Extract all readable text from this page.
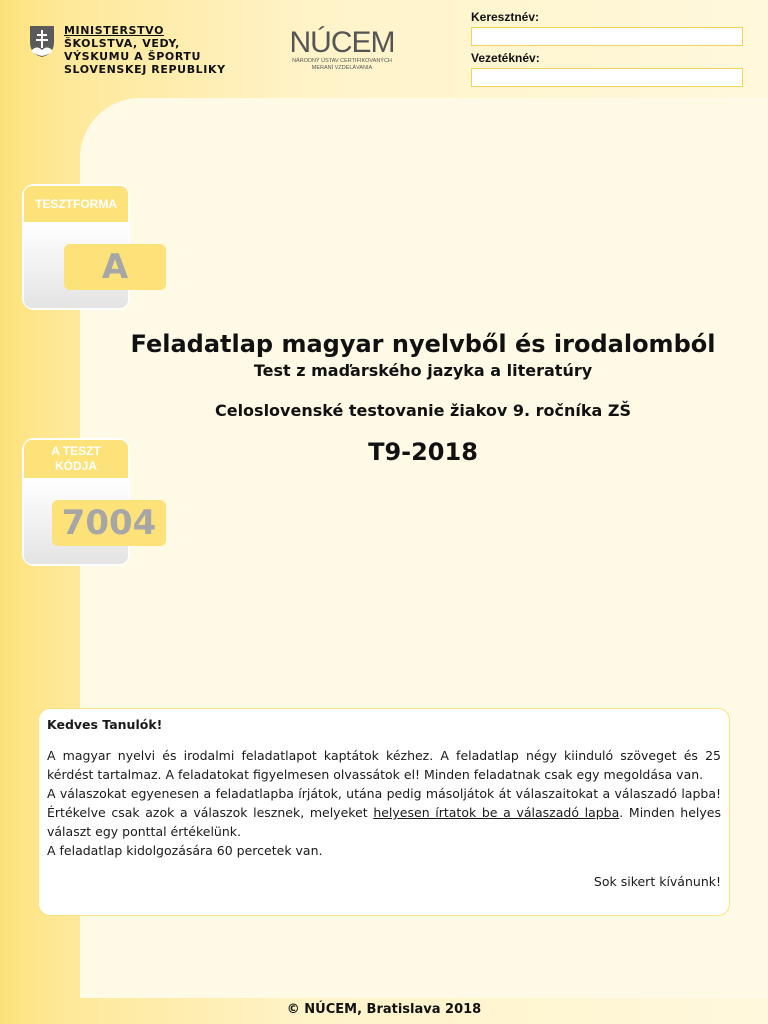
MINISTERSTVO
ŠKOLSTVA, VEDY,
VÝSKUMU A ŠPORTU
SLOVENSKEJ REPUBLIKY
NÚCEM
NÁRODNÝ ÚSTAV CERTIFIKOVANÝCH
MERANÍ VZDELÁVANIA
Keresztnév:
Vezetéknév:
TESZTFORMA
A
A TESZT
KÓDJA
7004
Feladatlap magyar nyelvből és irodalomból
Test z maďarského jazyka a literatúry
Celoslovenské testovanie žiakov 9. ročníka ZŠ
T9-2018

Kedves Tanulók!

A magyar nyelvi és irodalmi feladatlapot kaptátok kézhez. A feladatlap négy kiinduló szöveget és 25 kérdést tartalmaz. A feladatokat figyelmesen olvassátok el! Minden feladatnak csak egy megoldása van.

A válaszokat egyenesen a feladatlapba írjátok, utána pedig másoljátok át válaszaitokat a válaszadó lapba! Értékelve csak azok a válaszok lesznek, melyeket helyesen írtatok be a válaszadó lapba. Minden helyes választ egy ponttal értékelünk.

A feladatlap kidolgozására 60 percetek van.

Sok sikert kívánunk!

© NÚCEM, Bratislava 2018
